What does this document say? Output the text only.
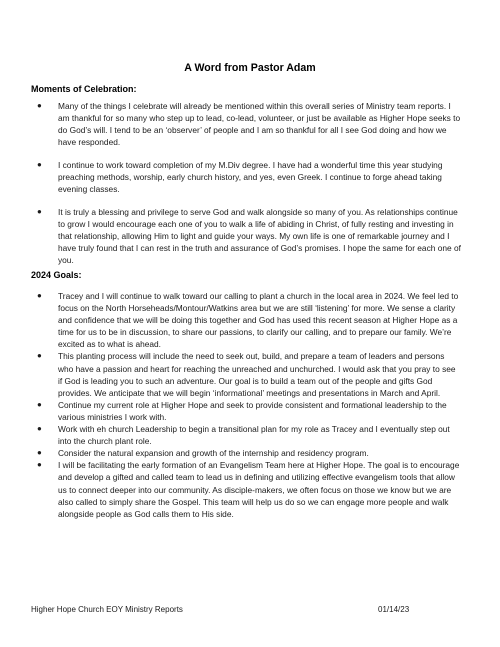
A Word from Pastor Adam
Moments of Celebration:
● Many of the things I celebrate will already be mentioned within this overall series of Ministry team reports. I am thankful for so many who step up to lead, co-lead, volunteer, or just be available as Higher Hope seeks to do God’s will. I tend to be an ‘observer’ of people and I am so thankful for all I see God doing and how we have responded.
● I continue to work toward completion of my M.Div degree. I have had a wonderful time this year studying preaching methods, worship, early church history, and yes, even Greek. I continue to forge ahead taking evening classes.
● It is truly a blessing and privilege to serve God and walk alongside so many of you. As relationships continue to grow I would encourage each one of you to walk a life of abiding in Christ, of fully resting and investing in that relationship, allowing Him to light and guide your ways. My own life is one of remarkable journey and I have truly found that I can rest in the truth and assurance of God’s promises. I hope the same for each one of you.
2024 Goals:
● Tracey and I will continue to walk toward our calling to plant a church in the local area in 2024. We feel led to focus on the North Horseheads/Montour/Watkins area but we are still ‘listening’ for more. We sense a clarity and confidence that we will be doing this together and God has used this recent season at Higher Hope as a time for us to be in discussion, to share our passions, to clarify our calling, and to prepare our family. We’re excited as to what is ahead.
● This planting process will include the need to seek out, build, and prepare a team of leaders and persons who have a passion and heart for reaching the unreached and unchurched. I would ask that you pray to see if God is leading you to such an adventure. Our goal is to build a team out of the people and gifts God provides. We anticipate that we will begin ‘informational’ meetings and presentations in March and April.
● Continue my current role at Higher Hope and seek to provide consistent and formational leadership to the various ministries I work with.
● Work with eh church Leadership to begin a transitional plan for my role as Tracey and I eventually step out into the church plant role.
● Consider the natural expansion and growth of the internship and residency program.
● I will be facilitating the early formation of an Evangelism Team here at Higher Hope. The goal is to encourage and develop a gifted and called team to lead us in defining and utilizing effective evangelism tools that allow us to connect deeper into our community. As disciple-makers, we often focus on those we know but we are also called to simply share the Gospel. This team will help us do so we can engage more people and walk alongside people as God calls them to His side.
Higher Hope Church EOY Ministry Reports	01/14/23
